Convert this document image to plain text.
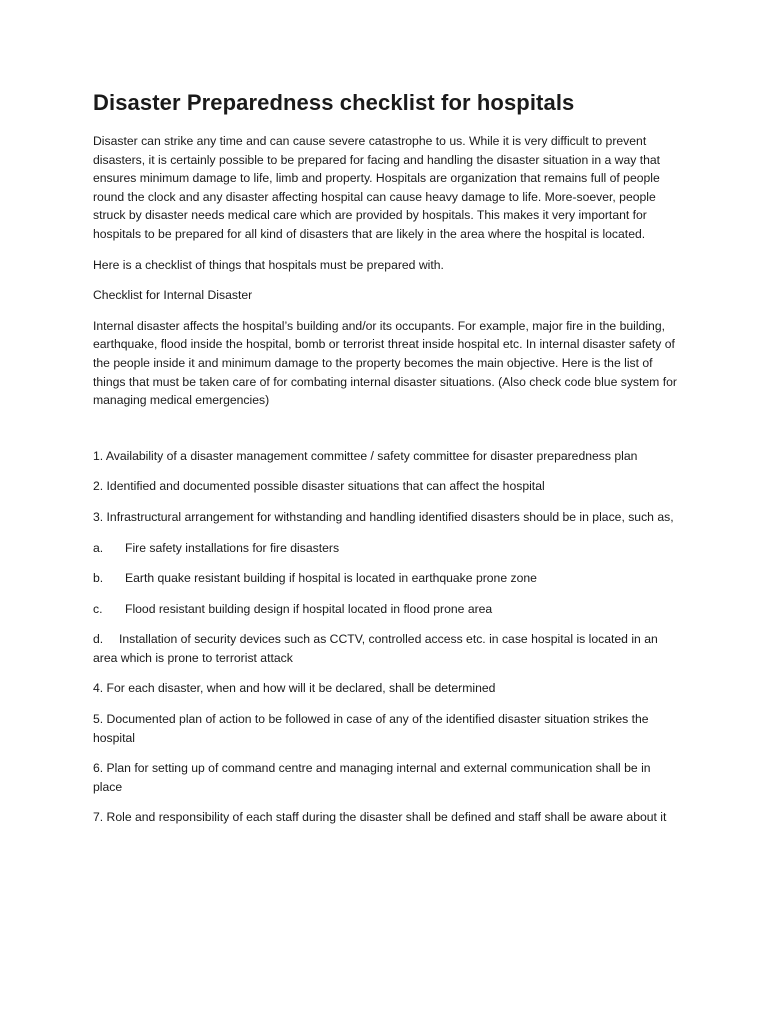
Disaster Preparedness checklist for hospitals

Disaster can strike any time and can cause severe catastrophe to us. While it is very difficult to prevent disasters, it is certainly possible to be prepared for facing and handling the disaster situation in a way that ensures minimum damage to life, limb and property. Hospitals are organization that remains full of people round the clock and any disaster affecting hospital can cause heavy damage to life. More-soever, people struck by disaster needs medical care which are provided by hospitals. This makes it very important for hospitals to be prepared for all kind of disasters that are likely in the area where the hospital is located.

Here is a checklist of things that hospitals must be prepared with.

Checklist for Internal Disaster

Internal disaster affects the hospital’s building and/or its occupants. For example, major fire in the building, earthquake, flood inside the hospital, bomb or terrorist threat inside hospital etc. In internal disaster safety of the people inside it and minimum damage to the property becomes the main objective. Here is the list of things that must be taken care of for combating internal disaster situations. (Also check code blue system for managing medical emergencies)

1. Availability of a disaster management committee / safety committee for disaster preparedness plan
2. Identified and documented possible disaster situations that can affect the hospital
3. Infrastructural arrangement for withstanding and handling identified disasters should be in place, such as,
a.	Fire safety installations for fire disasters
b.	Earth quake resistant building if hospital is located in earthquake prone zone
c.	Flood resistant building design if hospital located in flood prone area
d. Installation of security devices such as CCTV, controlled access etc. in case hospital is located in an area which is prone to terrorist attack
4. For each disaster, when and how will it be declared, shall be determined
5. Documented plan of action to be followed in case of any of the identified disaster situation strikes the hospital
6. Plan for setting up of command centre and managing internal and external communication shall be in place
7. Role and responsibility of each staff during the disaster shall be defined and staff shall be aware about it
